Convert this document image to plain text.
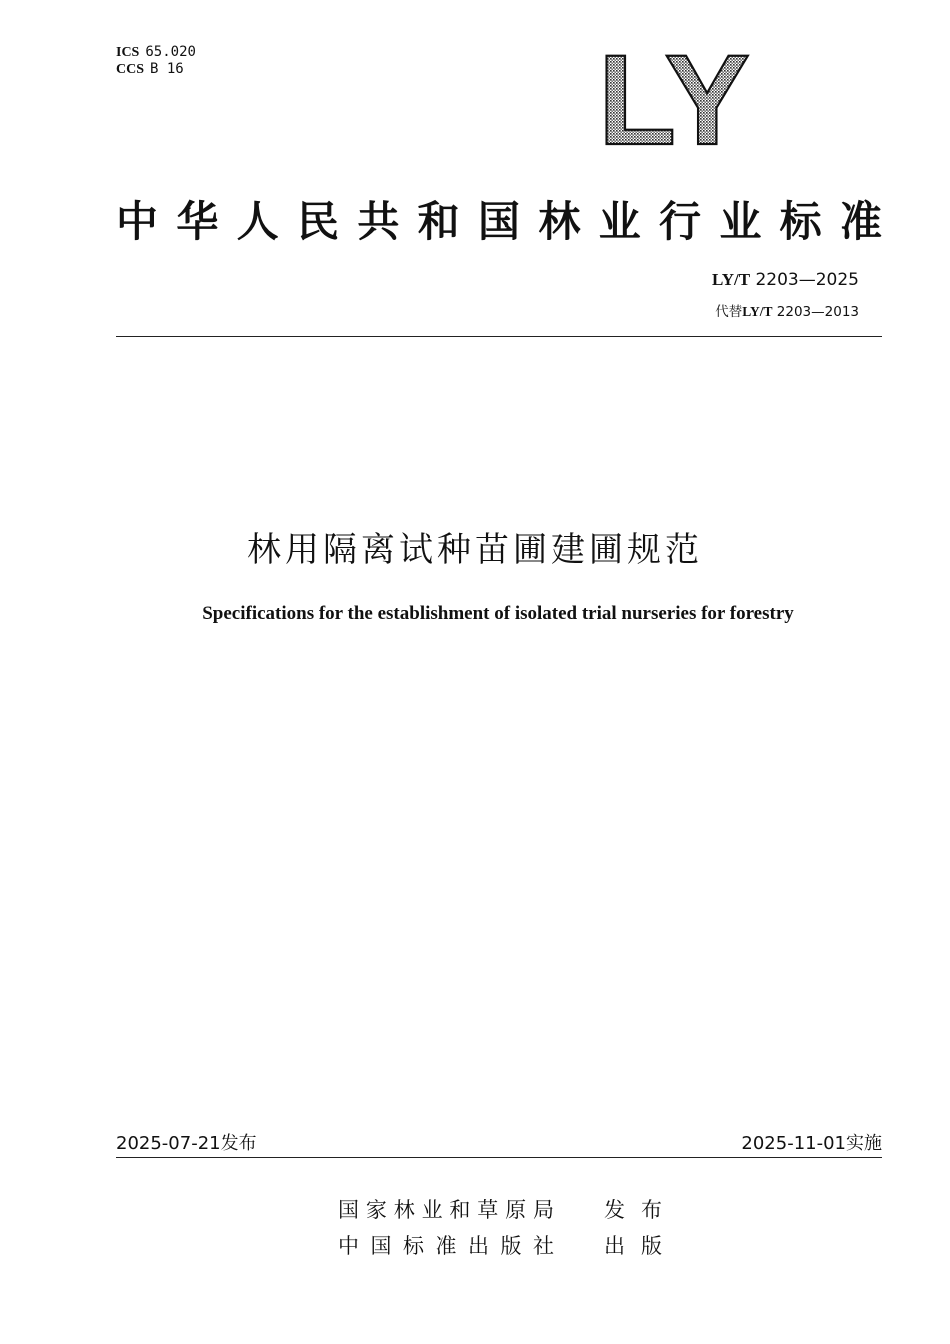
ICS 65.020
CCS B 16	LY
中华人民共和国林业行业标准
LY/T 2203—2025
代替LY/T 2203—2013
林用隔离试种苗圃建圃规范
Specifications for the establishment of isolated trial nurseries for forestry
2025-07-21发布	2025-11-01实施
国家林业和草原局 发布
中国标准出版社 出版
